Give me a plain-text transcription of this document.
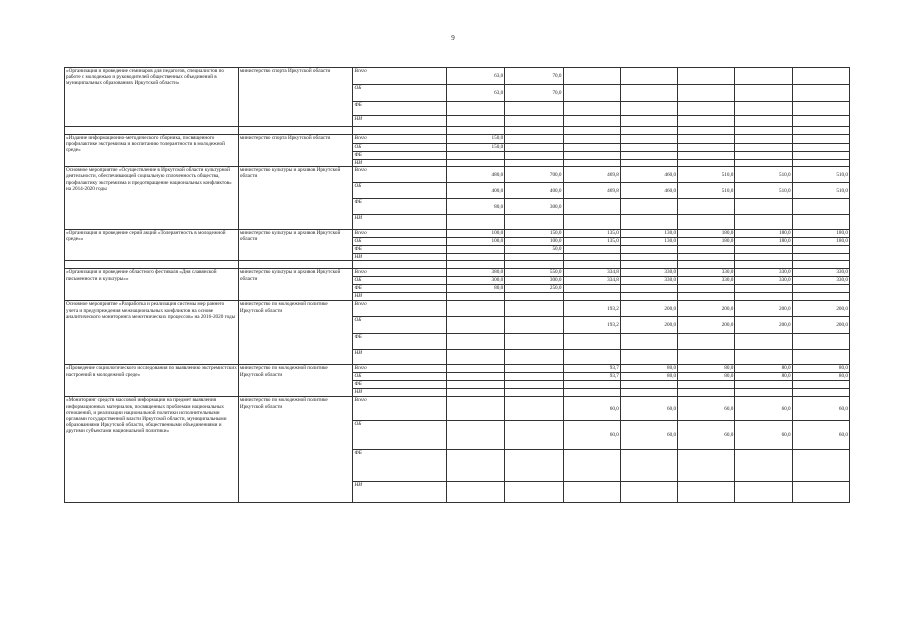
9
«Организация и проведение семинаров для педагогов, специалистов по работе с молодежью и руководителей общественных объединений в муниципальных образованиях Иркутской области»	министерство спорта Иркутской области	Всего	63,0	70,0					
		ОБ	63,0	70,0					
		ФБ							
		НИ							

«Издание информационно-методического сборника, посвященного профилактике экстремизма и воспитанию толерантности в молодежной среде»	министерство спорта Иркутской области	Всего	150,0						
		ОБ	150,0						
		ФБ							
		НИ							
Основное мероприятие «Осуществление в Иркутской области культурной деятельности, обеспечивающей социальную сплоченность общества, профилактику экстремизма и предотвращение национальных конфликтов» на 2014-2020 годы	министерство культуры и архивов Иркутской области	Всего	480,0	700,0	469,8	460,0	510,0	510,0	510,0
		ОБ	400,0	400,0	469,8	460,0	510,0	510,0	510,0
		ФБ	80,0	300,0					
		НИ							
«Организация и проведение серий акций «Толерантность в молодежной среде»»	министерство культуры и архивов Иркутской области	Всего	100,0	150,0	135,0	130,0	180,0	180,0	180,0
		ОБ	100,0	100,0	135,0	130,0	180,0	180,0	180,0
		ФБ		50,0					
		НИ							

«Организация и проведение областного фестиваля «Дня славянской письменности и культуры»»	министерство культуры и архивов Иркутской области	Всего	380,0	550,0	334,8	330,0	330,0	330,0	330,0
		ОБ	300,0	300,0	334,8	330,0	330,0	330,0	330,0
		ФБ	80,0	250,0					
		НИ							
Основное мероприятие «Разработка и реализация системы мер раннего учета и предупреждения межнациональных конфликтов на основе аналитического мониторинга межэтнических процессов» на 2016-2020 годы	министерство по молодежной политике Иркутской области	Всего			193,2	200,0	200,0	200,0	200,0
		ОБ			193,2	200,0	200,0	200,0	200,0
		ФБ							
		НИ							
«Проведение социологического исследования по выявлению экстремистских настроений в молодежной среде»	министерство по молодежной политике Иркутской области	Всего			93,7	80,0	80,0	80,0	80,0
		ОБ			93,7	80,0	80,0	80,0	80,0
		ФБ							
		НИ							
«Мониторинг средств массовой информации на предмет выявления информационных материалов, посвященных проблемам национальных отношений, и реализации национальной политики исполнительными органами государственной власти Иркутской области, муниципальными образованиями Иркутской области, общественными объединениями и другими субъектами национальной политики»	министерство по молодежной политике Иркутской области	Всего			60,0	60,0	60,0	60,0	60,0
		ОБ			60,0	60,0	60,0	60,0	60,0
		ФБ							
		НИ							
